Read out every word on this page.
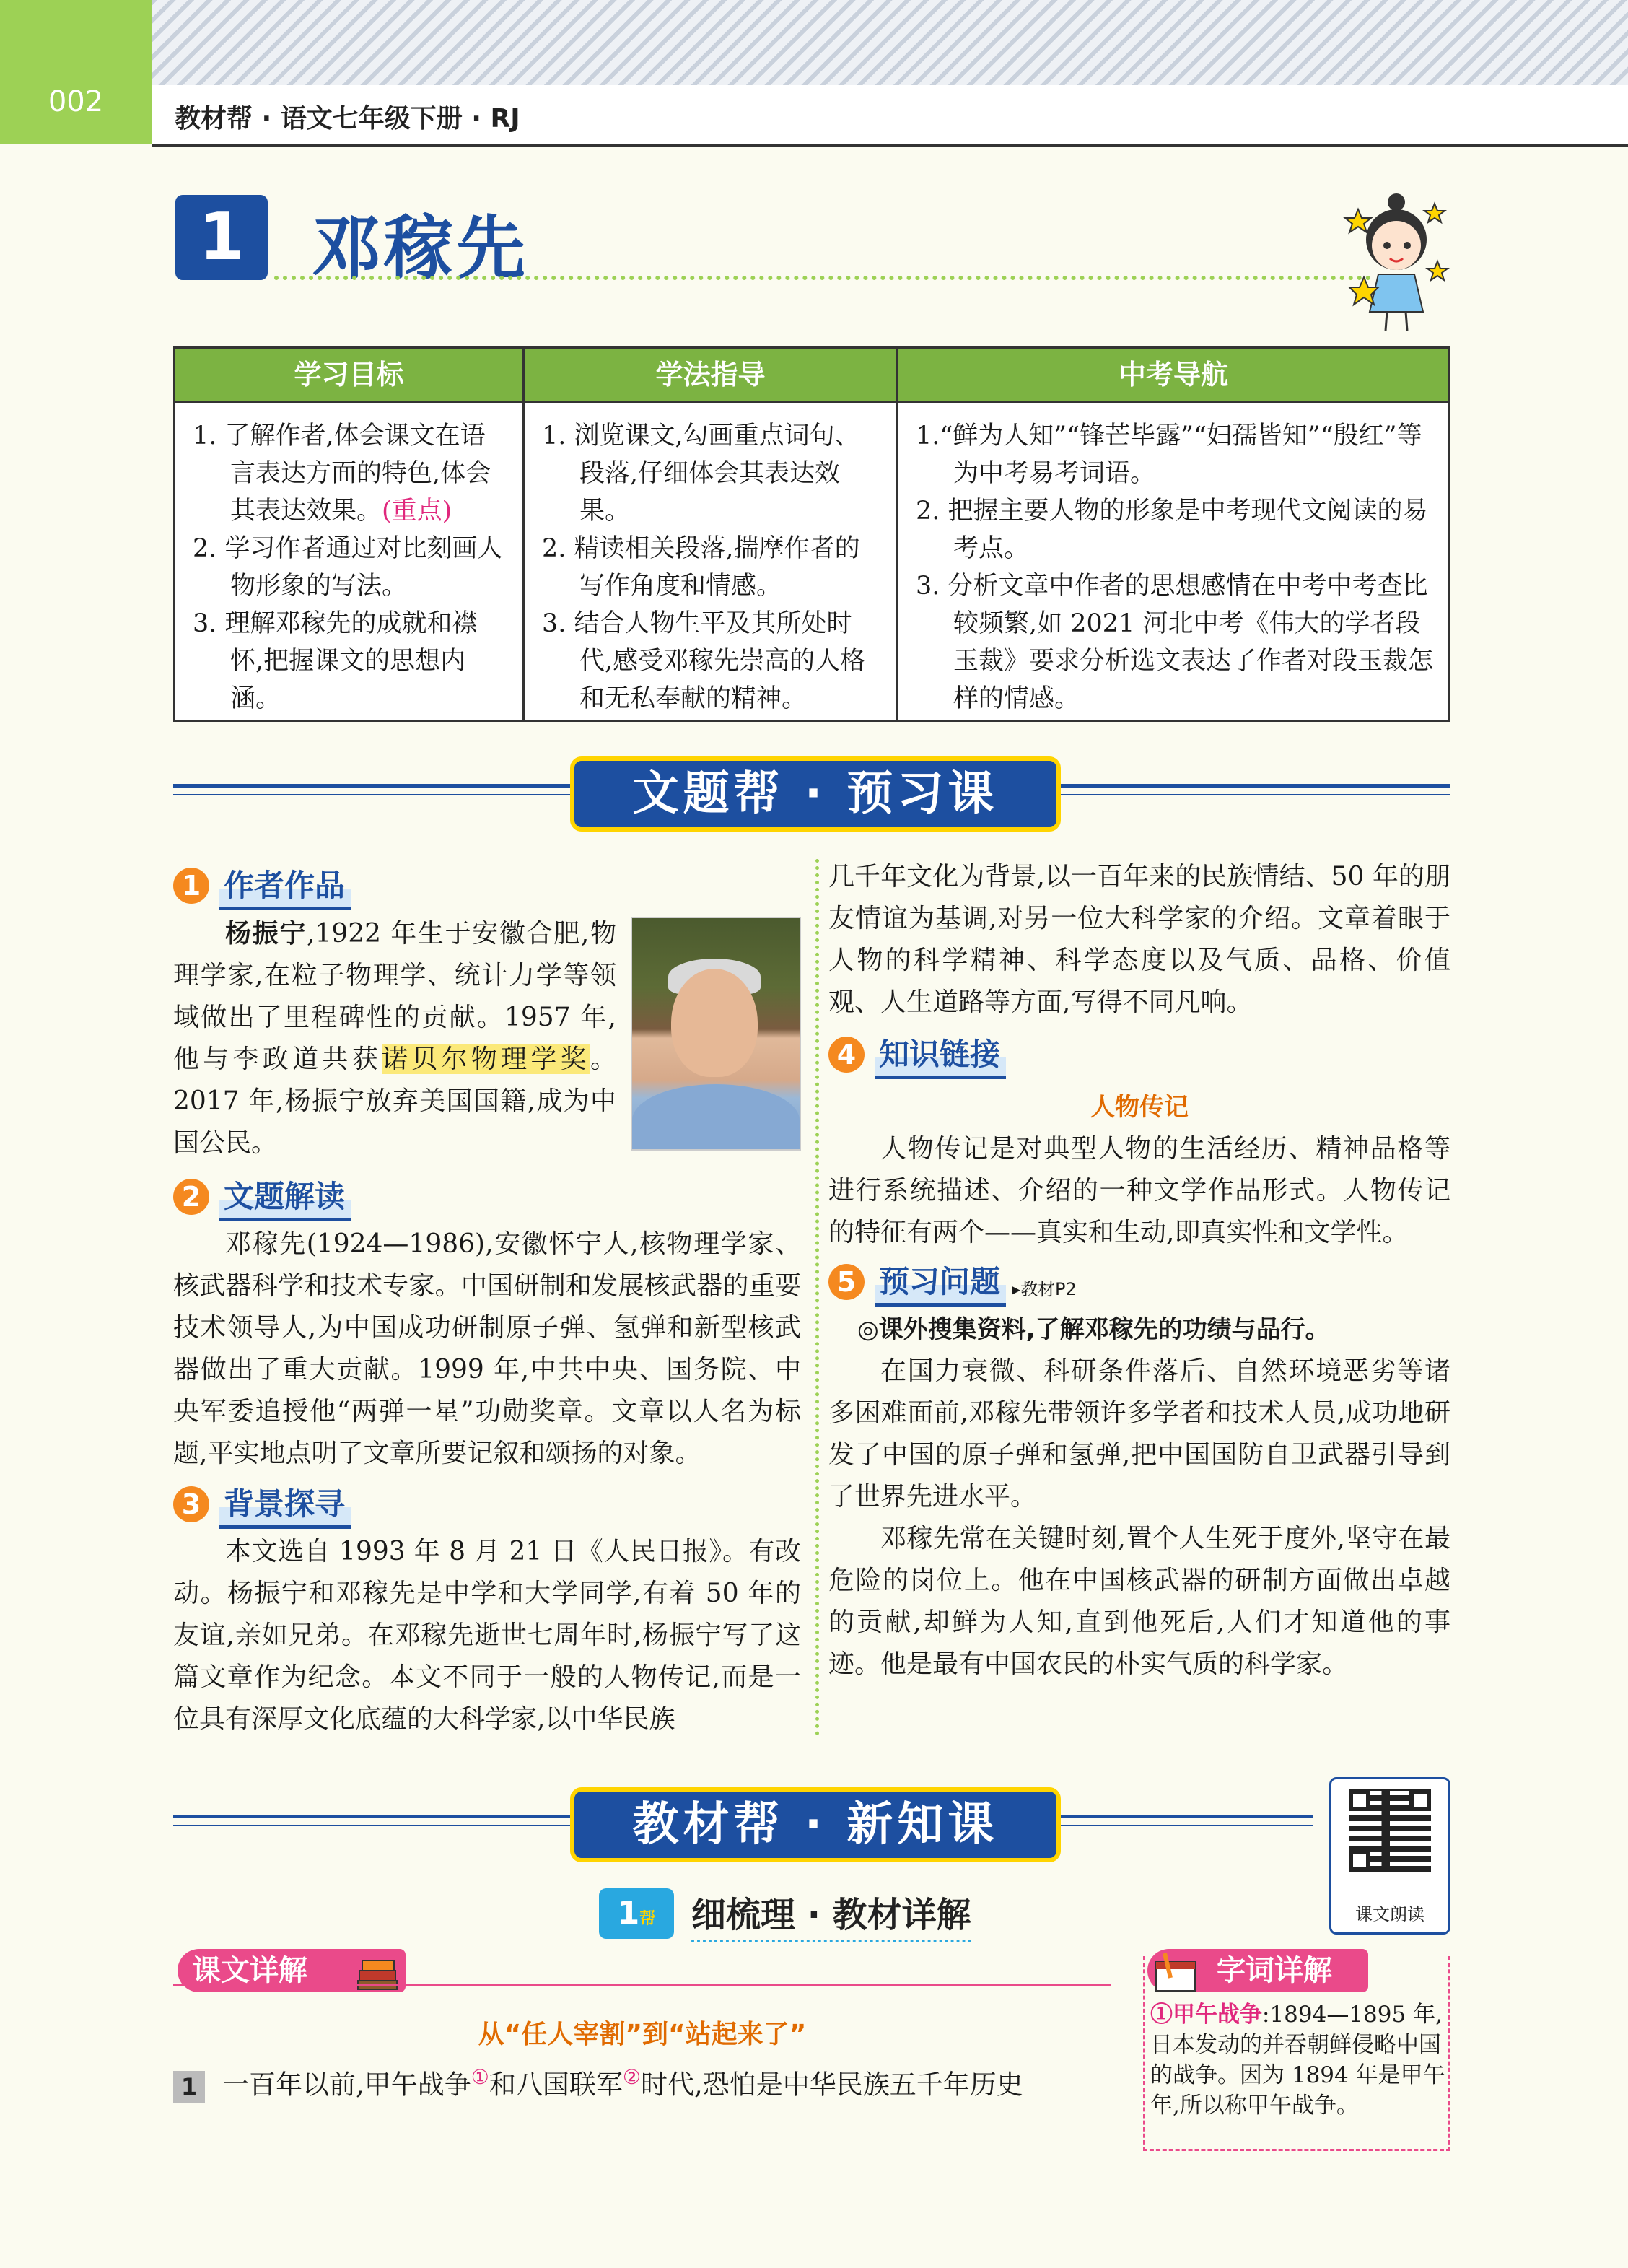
002
教材帮 · 语文七年级下册 · RJ
1 邓稼先
学习目标

1. 了解作者,体会课文在语言表达方面的特色,体会其表达效果。(重点)

2. 学习作者通过对比刻画人物形象的写法。

3. 理解邓稼先的成就和襟怀,把握课文的思想内涵。

学法指导

1. 浏览课文,勾画重点词句、段落,仔细体会其表达效果。

2. 精读相关段落,揣摩作者的写作角度和情感。

3. 结合人物生平及其所处时代,感受邓稼先崇高的人格和无私奉献的精神。

中考导航

1.“鲜为人知”“锋芒毕露”“妇孺皆知”“殷红”等为中考易考词语。

2. 把握主要人物的形象是中考现代文阅读的易考点。

3. 分析文章中作者的思想感情在中考中考查比较频繁,如 2021 河北中考《伟大的学者段玉裁》要求分析选文表达了作者对段玉裁怎样的情感。

文题帮 · 预习课
1 作者作品

杨振宁,1922 年生于安徽合肥,物理学家,在粒子物理学、统计力学等领域做出了里程碑性的贡献。1957 年,他与李政道共获诺贝尔物理学奖。2017 年,杨振宁放弃美国国籍,成为中国公民。

2 文题解读

邓稼先(1924—1986),安徽怀宁人,核物理学家、核武器科学和技术专家。中国研制和发展核武器的重要技术领导人,为中国成功研制原子弹、氢弹和新型核武器做出了重大贡献。1999 年,中共中央、国务院、中央军委追授他“两弹一星”功勋奖章。文章以人名为标题,平实地点明了文章所要记叙和颂扬的对象。

3 背景探寻

本文选自 1993 年 8 月 21 日《人民日报》。有改动。杨振宁和邓稼先是中学和大学同学,有着 50 年的友谊,亲如兄弟。在邓稼先逝世七周年时,杨振宁写了这篇文章作为纪念。本文不同于一般的人物传记,而是一位具有深厚文化底蕴的大科学家,以中华民族

几千年文化为背景,以一百年来的民族情结、50 年的朋友情谊为基调,对另一位大科学家的介绍。文章着眼于人物的科学精神、科学态度以及气质、品格、价值观、人生道路等方面,写得不同凡响。

4 知识链接
人物传记

人物传记是对典型人物的生活经历、精神品格等进行系统描述、介绍的一种文学作品形式。人物传记的特征有两个——真实和生动,即真实性和文学性。

5 预习问题 ▸教材P2

◎课外搜集资料,了解邓稼先的功绩与品行。

在国力衰微、科研条件落后、自然环境恶劣等诸多困难面前,邓稼先带领许多学者和技术人员,成功地研发了中国的原子弹和氢弹,把中国国防自卫武器引导到了世界先进水平。

邓稼先常在关键时刻,置个人生死于度外,坚守在最危险的岗位上。他在中国核武器的研制方面做出卓越的贡献,却鲜为人知,直到他死后,人们才知道他的事迹。他是最有中国农民的朴实气质的科学家。

教材帮 · 新知课
课文朗读
1帮	细梳理 · 教材详解
课文详解
从“任人宰割”到“站起来了”
1 一百年以前,甲午战争①和八国联军②时代,恐怕是中华民族五千年历史
字词详解
①甲午战争:1894—1895 年,日本发动的并吞朝鲜侵略中国的战争。因为 1894 年是甲午年,所以称甲午战争。
